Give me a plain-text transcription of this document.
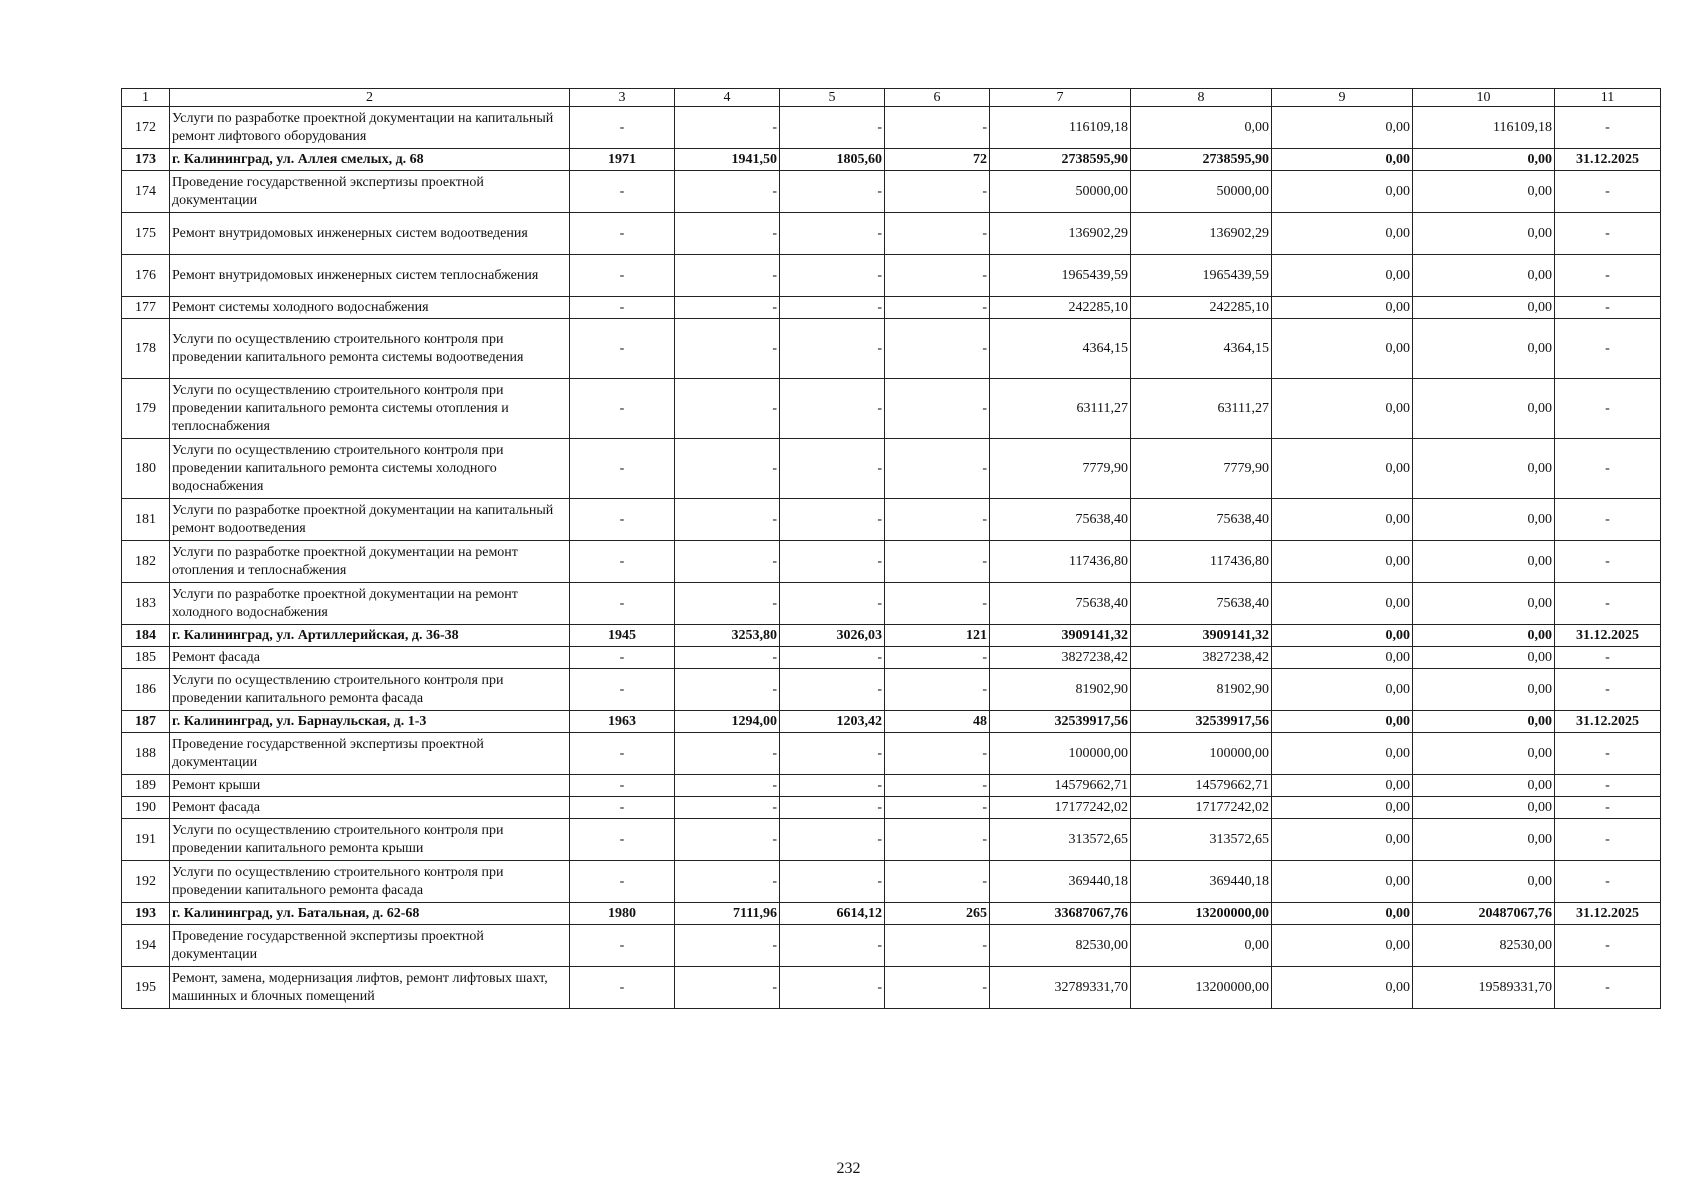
1	2	3	4	5	6	7	8	9	10	11
172	Услуги по разработке проектной документации на капитальный ремонт лифтового оборудования	-	-	-	-	116109,18	0,00	0,00	116109,18	-
173	г. Калининград, ул. Аллея смелых, д. 68	1971	1941,50	1805,60	72	2738595,90	2738595,90	0,00	0,00	31.12.2025
174	Проведение государственной экспертизы проектной документации	-	-	-	-	50000,00	50000,00	0,00	0,00	-
175	Ремонт внутридомовых инженерных систем водоотведения	-	-	-	-	136902,29	136902,29	0,00	0,00	-
176	Ремонт внутридомовых инженерных систем теплоснабжения	-	-	-	-	1965439,59	1965439,59	0,00	0,00	-
177	Ремонт системы холодного водоснабжения	-	-	-	-	242285,10	242285,10	0,00	0,00	-
178	Услуги по осуществлению строительного контроля при проведении капитального ремонта системы водоотведения	-	-	-	-	4364,15	4364,15	0,00	0,00	-
179	Услуги по осуществлению строительного контроля при проведении капитального ремонта системы отопления и теплоснабжения	-	-	-	-	63111,27	63111,27	0,00	0,00	-
180	Услуги по осуществлению строительного контроля при проведении капитального ремонта системы холодного водоснабжения	-	-	-	-	7779,90	7779,90	0,00	0,00	-
181	Услуги по разработке проектной документации на капитальный ремонт водоотведения	-	-	-	-	75638,40	75638,40	0,00	0,00	-
182	Услуги по разработке проектной документации на ремонт отопления и теплоснабжения	-	-	-	-	117436,80	117436,80	0,00	0,00	-
183	Услуги по разработке проектной документации на ремонт холодного водоснабжения	-	-	-	-	75638,40	75638,40	0,00	0,00	-
184	г. Калининград, ул. Артиллерийская, д. 36-38	1945	3253,80	3026,03	121	3909141,32	3909141,32	0,00	0,00	31.12.2025
185	Ремонт фасада	-	-	-	-	3827238,42	3827238,42	0,00	0,00	-
186	Услуги по осуществлению строительного контроля при проведении капитального ремонта фасада	-	-	-	-	81902,90	81902,90	0,00	0,00	-
187	г. Калининград, ул. Барнаульская, д. 1-3	1963	1294,00	1203,42	48	32539917,56	32539917,56	0,00	0,00	31.12.2025
188	Проведение государственной экспертизы проектной документации	-	-	-	-	100000,00	100000,00	0,00	0,00	-
189	Ремонт крыши	-	-	-	-	14579662,71	14579662,71	0,00	0,00	-
190	Ремонт фасада	-	-	-	-	17177242,02	17177242,02	0,00	0,00	-
191	Услуги по осуществлению строительного контроля при проведении капитального ремонта крыши	-	-	-	-	313572,65	313572,65	0,00	0,00	-
192	Услуги по осуществлению строительного контроля при проведении капитального ремонта фасада	-	-	-	-	369440,18	369440,18	0,00	0,00	-
193	г. Калининград, ул. Батальная, д. 62-68	1980	7111,96	6614,12	265	33687067,76	13200000,00	0,00	20487067,76	31.12.2025
194	Проведение государственной экспертизы проектной документации	-	-	-	-	82530,00	0,00	0,00	82530,00	-
195	Ремонт, замена, модернизация лифтов, ремонт лифтовых шахт, машинных и блочных помещений	-	-	-	-	32789331,70	13200000,00	0,00	19589331,70	-
232
